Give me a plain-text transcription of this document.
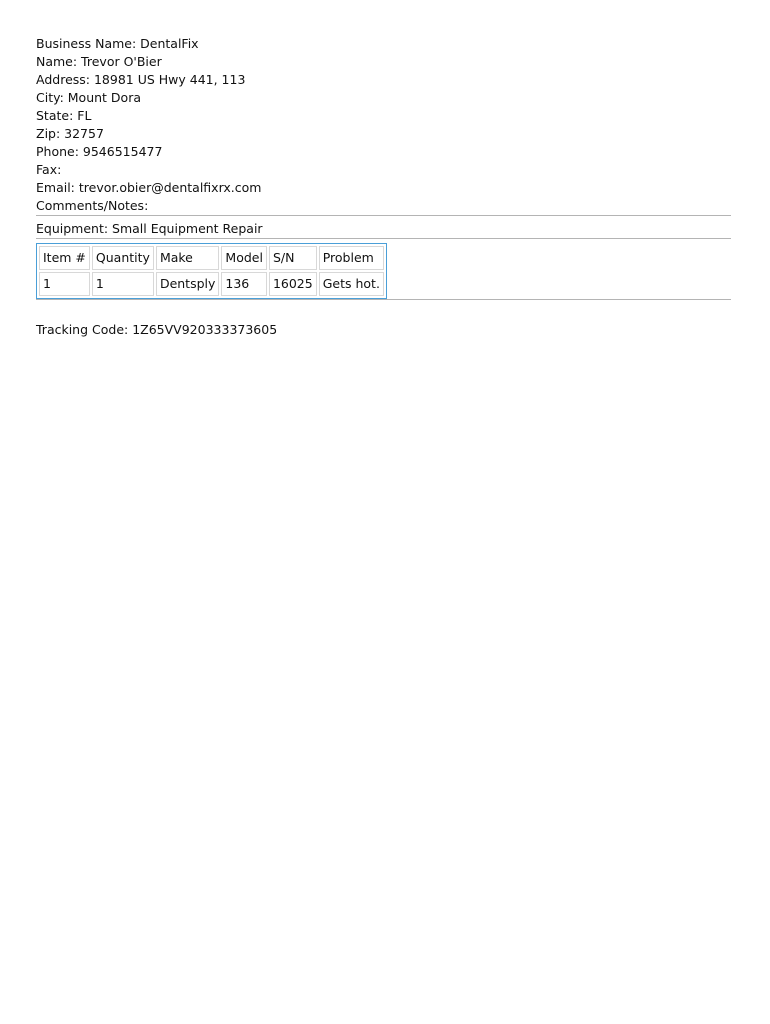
Business Name: DentalFix
Name: Trevor O'Bier
Address: 18981 US Hwy 441, 113
City: Mount Dora
State: FL
Zip: 32757
Phone: 9546515477
Fax:
Email: trevor.obier@dentalfixrx.com
Comments/Notes:
Equipment: Small Equipment Repair
Item #	Quantity	Make	Model	S/N	Problem
1	1	Dentsply	136	16025	Gets hot.
Tracking Code: 1Z65VV920333373605
